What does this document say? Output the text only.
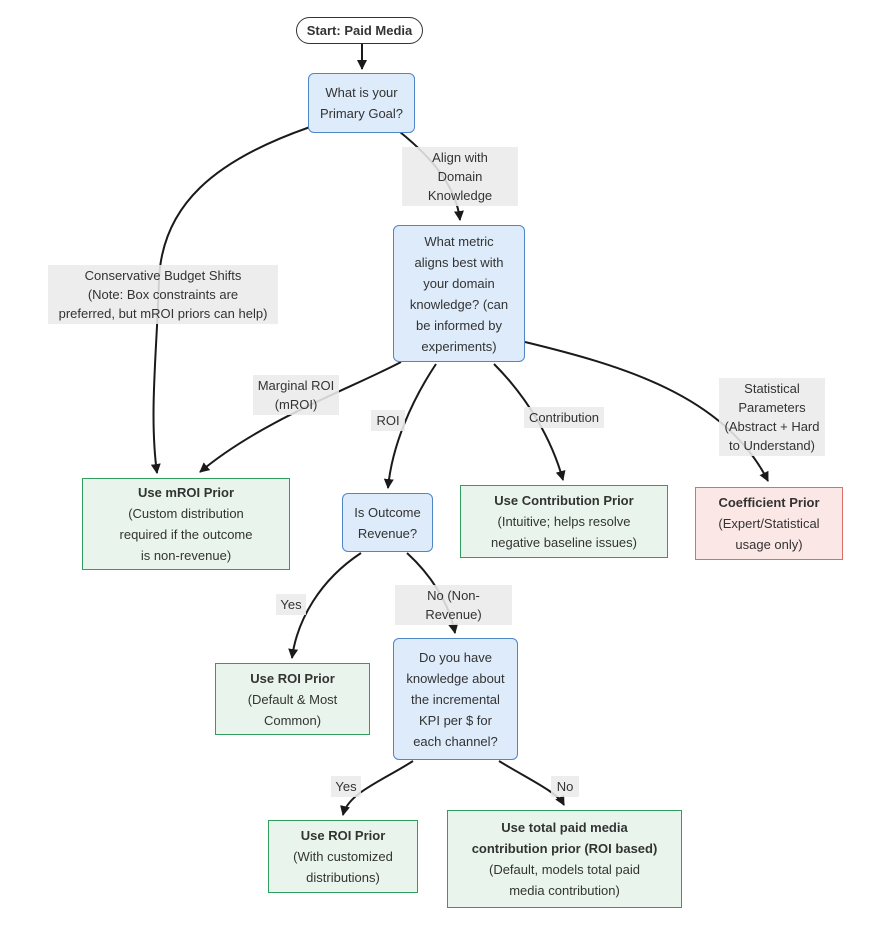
Align with
Domain
Knowledge
Conservative Budget Shifts
(Note: Box constraints are
preferred, but mROI priors can help)
Marginal ROI
(mROI)
ROI	Contribution
Statistical
Parameters
(Abstract + Hard
to Understand)
Yes
No (Non-
Revenue)
Yes	No
Start: Paid Media
What is your
Primary Goal?
What metric
aligns best with
your domain
knowledge? (can
be informed by
experiments)
Is Outcome
Revenue?
Do you have
knowledge about
the incremental
KPI per $ for
each channel?
Use mROI Prior
(Custom distribution
required if the outcome
is non-revenue)
Use Contribution Prior
(Intuitive; helps resolve
negative baseline issues)
Coefficient Prior
(Expert/Statistical
usage only)
Use ROI Prior
(Default & Most
Common)
Use ROI Prior
(With customized
distributions)
Use total paid media
contribution prior (ROI based)
(Default, models total paid
media contribution)
